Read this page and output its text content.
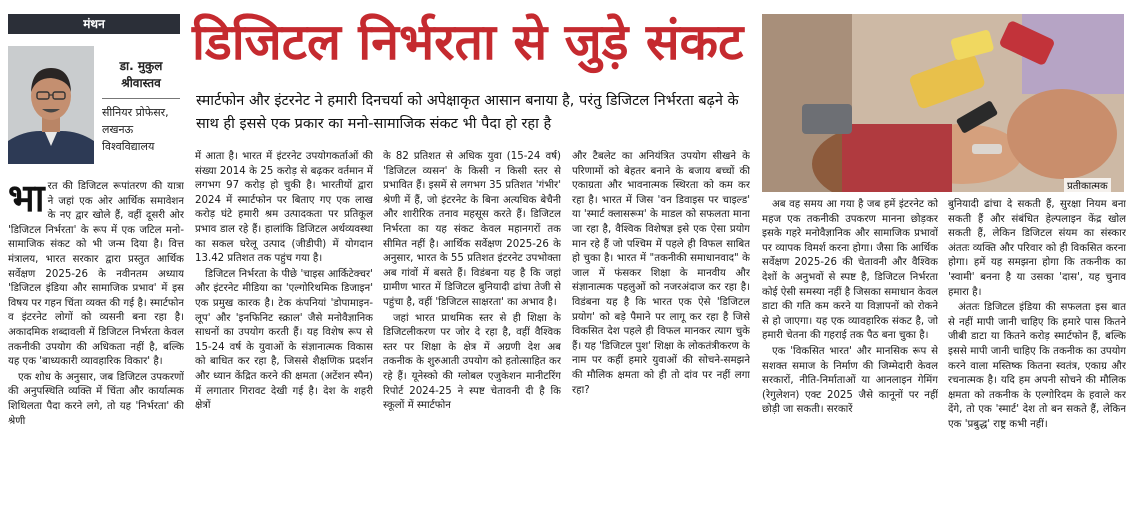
मंथन
डा. मुकुल श्रीवास्तव
सीनियर प्रोफेसर, लखनऊ विश्वविद्यालय
डिजिटल निर्भरता से जुड़े संकट
स्मार्टफोन और इंटरनेट ने हमारी दिनचर्या को अपेक्षाकृत आसान बनाया है, परंतु डिजिटल निर्भरता बढ़ने के साथ ही इससे एक प्रकार का मनो-सामाजिक संकट भी पैदा हो रहा है
प्रतीकात्मक

भारत की डिजिटल रूपांतरण की यात्रा ने जहां एक ओर आर्थिक समावेशन के नए द्वार खोले हैं, वहीं दूसरी ओर 'डिजिटल निर्भरता' के रूप में एक जटिल मनो-सामाजिक संकट को भी जन्म दिया है। वित्त मंत्रालय, भारत सरकार द्वारा प्रस्तुत आर्थिक सर्वेक्षण 2025-26 के नवीनतम अध्याय 'डिजिटल इंडिया और सामाजिक प्रभाव' में इस विषय पर गहन चिंता व्यक्त की गई है। स्मार्टफोन व इंटरनेट लोगों को व्यसनी बना रहा है। अकादमिक शब्दावली में डिजिटल निर्भरता केवल तकनीकी उपयोग की अधिकता नहीं है, बल्कि यह एक 'बाध्यकारी व्यावहारिक विकार' है।

एक शोध के अनुसार, जब डिजिटल उपकरणों की अनुपस्थिति व्यक्ति में चिंता और कार्यात्मक शिथिलता पैदा करने लगे, तो यह 'निर्भरता' की श्रेणी

में आता है। भारत में इंटरनेट उपयोगकर्ताओं की संख्या 2014 के 25 करोड़ से बढ़कर वर्तमान में लगभग 97 करोड़ हो चुकी है। भारतीयों द्वारा 2024 में स्मार्टफोन पर बिताए गए एक लाख करोड़ घंटे हमारी श्रम उत्पादकता पर प्रतिकूल प्रभाव डाल रहे हैं। हालांकि डिजिटल अर्थव्यवस्था का सकल घरेलू उत्पाद (जीडीपी) में योगदान 13.42 प्रतिशत तक पहुंच गया है।

डिजिटल निर्भरता के पीछे 'चाइस आर्किटेक्चर' और इंटरनेट मीडिया का 'एल्गोरिथमिक डिजाइन' एक प्रमुख कारक है। टेक कंपनियां 'डोपामाइन-लूप' और 'इनफिनिट स्क्राल' जैसे मनोवैज्ञानिक साधनों का उपयोग करती हैं। यह विशेष रूप से 15-24 वर्ष के युवाओं के संज्ञानात्मक विकास को बाधित कर रहा है, जिससे शैक्षणिक प्रदर्शन और ध्यान केंद्रित करने की क्षमता (अटेंशन स्पैन) में लगातार गिरावट देखी गई है। देश के शहरी क्षेत्रों

के 82 प्रतिशत से अधिक युवा (15-24 वर्ष) 'डिजिटल व्यसन' के किसी न किसी स्तर से प्रभावित हैं। इसमें से लगभग 35 प्रतिशत 'गंभीर' श्रेणी में हैं, जो इंटरनेट के बिना अत्यधिक बेचैनी और शारीरिक तनाव महसूस करते हैं। डिजिटल निर्भरता का यह संकट केवल महानगरों तक सीमित नहीं है। आर्थिक सर्वेक्षण 2025-26 के अनुसार, भारत के 55 प्रतिशत इंटरनेट उपभोक्ता अब गांवों में बसते हैं। विडंबना यह है कि जहां ग्रामीण भारत में डिजिटल बुनियादी ढांचा तेजी से पहुंचा है, वहीं 'डिजिटल साक्षरता' का अभाव है।

जहां भारत प्राथमिक स्तर से ही शिक्षा के डिजिटलीकरण पर जोर दे रहा है, वहीं वैश्विक स्तर पर शिक्षा के क्षेत्र में अग्रणी देश अब तकनीक के शुरुआती उपयोग को हतोत्साहित कर रहे हैं। यूनेस्को की ग्लोबल एजुकेशन मानीटरिंग रिपोर्ट 2024-25 ने स्पष्ट चेतावनी दी है कि स्कूलों में स्मार्टफोन

और टैबलेट का अनियंत्रित उपयोग सीखने के परिणामों को बेहतर बनाने के बजाय बच्चों की एकाग्रता और भावनात्मक स्थिरता को कम कर रहा है। भारत में जिस 'वन डिवाइस पर चाइल्ड' या 'स्मार्ट क्लासरूम' के माडल को सफलता माना जा रहा है, वैश्विक विशेषज्ञ इसे एक ऐसा प्रयोग मान रहे हैं जो पश्चिम में पहले ही विफल साबित हो चुका है। भारत में "तकनीकी समाधानवाद" के जाल में फंसकर शिक्षा के मानवीय और संज्ञानात्मक पहलुओं को नजरअंदाज कर रहा है। विडंबना यह है कि भारत एक ऐसे 'डिजिटल प्रयोग' को बड़े पैमाने पर लागू कर रहा है जिसे विकसित देश पहले ही विफल मानकर त्याग चुके हैं। यह 'डिजिटल पुश' शिक्षा के लोकतंत्रीकरण के नाम पर कहीं हमारे युवाओं की सोचने-समझने की मौलिक क्षमता को ही तो दांव पर नहीं लगा रहा?

अब वह समय आ गया है जब हमें इंटरनेट को महज एक तकनीकी उपकरण मानना छोड़कर इसके गहरे मनोवैज्ञानिक और सामाजिक प्रभावों पर व्यापक विमर्श करना होगा। जैसा कि आर्थिक सर्वेक्षण 2025-26 की चेतावनी और वैश्विक देशों के अनुभवों से स्पष्ट है, डिजिटल निर्भरता कोई ऐसी समस्या नहीं है जिसका समाधान केवल डाटा की गति कम करने या विज्ञापनों को रोकने से हो जाएगा। यह एक व्यावहारिक संकट है, जो हमारी चेतना की गहराई तक पैठ बना चुका है।

एक 'विकसित भारत' और मानसिक रूप से सशक्त समाज के निर्माण की जिम्मेदारी केवल सरकारों, नीति-निर्माताओं या आनलाइन गेमिंग (रेगुलेशन) एक्ट 2025 जैसे कानूनों पर नहीं छोड़ी जा सकती। सरकारें

बुनियादी ढांचा दे सकती हैं, सुरक्षा नियम बना सकती हैं और संबंधित हेल्पलाइन केंद्र खोल सकती हैं, लेकिन डिजिटल संयम का संस्कार अंततः व्यक्ति और परिवार को ही विकसित करना होगा। हमें यह समझना होगा कि तकनीक का 'स्वामी' बनना है या उसका 'दास', यह चुनाव हमारा है।

अंततः डिजिटल इंडिया की सफलता इस बात से नहीं मापी जानी चाहिए कि हमारे पास कितने जीबी डाटा या कितने करोड़ स्मार्टफोन हैं, बल्कि इससे मापी जानी चाहिए कि तकनीक का उपयोग करने वाला मस्तिष्क कितना स्वतंत्र, एकाग्र और रचनात्मक है। यदि हम अपनी सोचने की मौलिक क्षमता को तकनीक के एल्गोरिदम के हवाले कर देंगे, तो एक 'स्मार्ट' देश तो बन सकते हैं, लेकिन एक 'प्रबुद्ध' राष्ट्र कभी नहीं।
